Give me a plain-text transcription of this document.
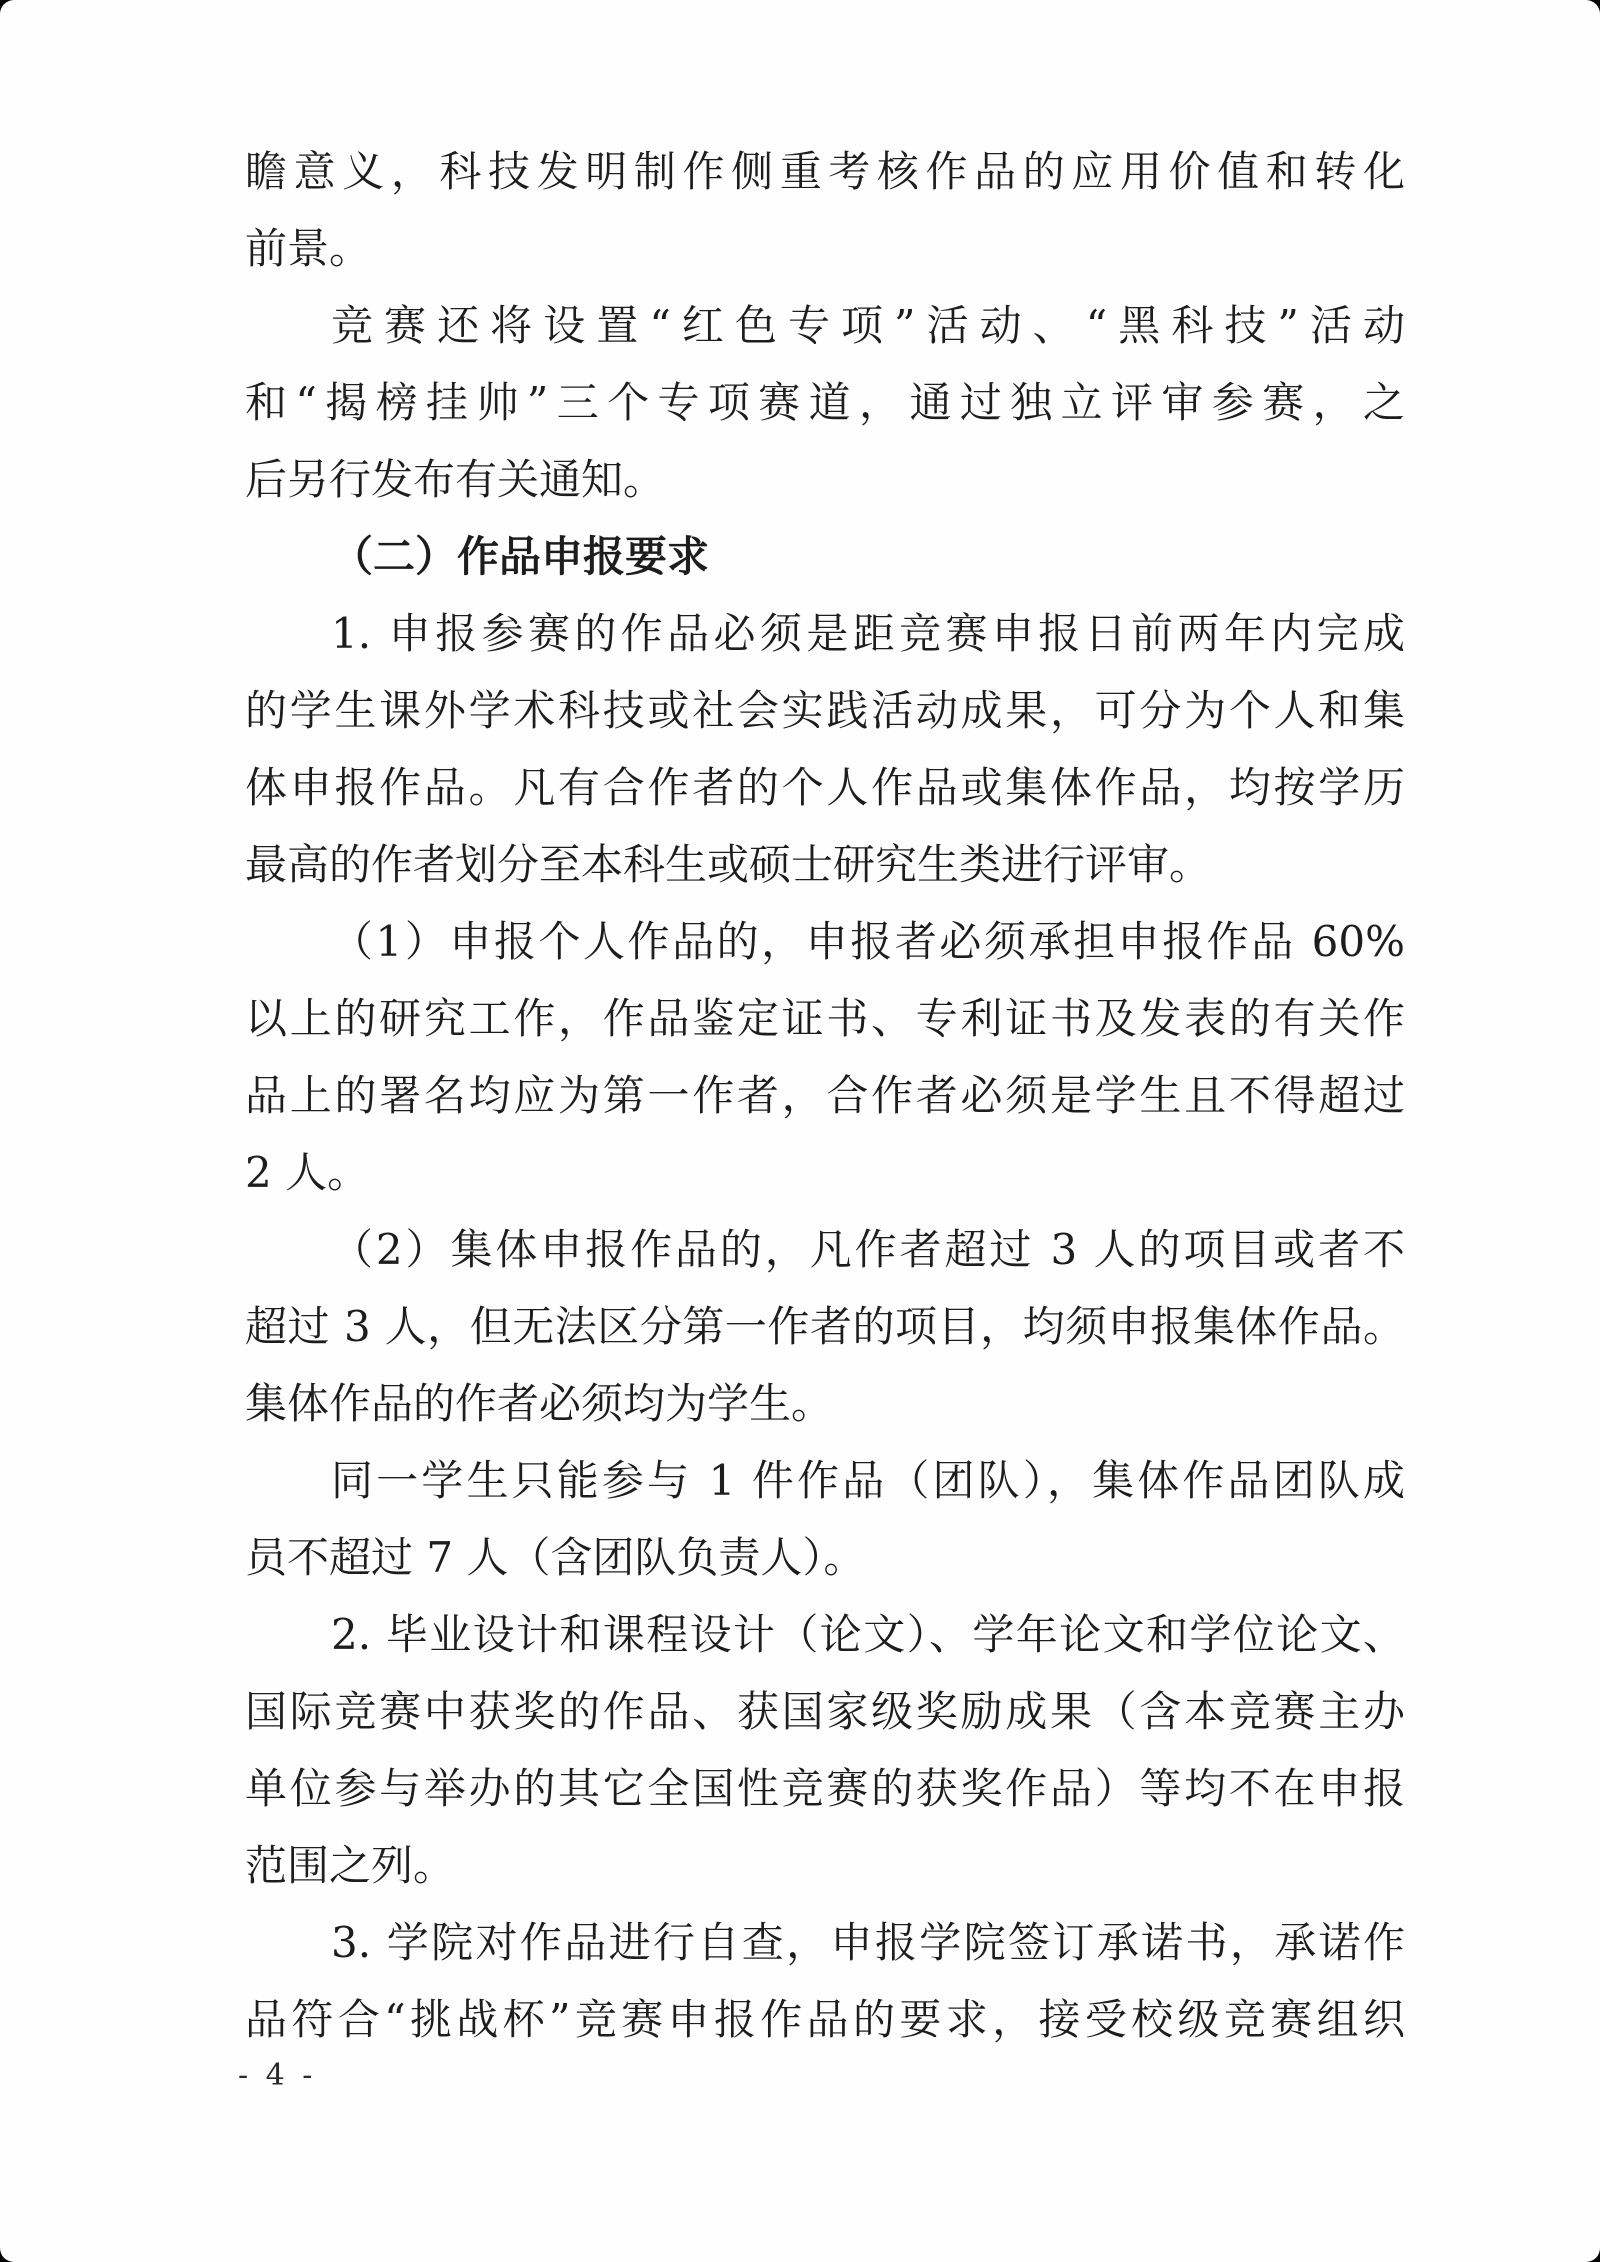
瞻意义，科技发明制作侧重考核作品的应用价值和转化
前景。
竞赛还将设置“红色专项”活动、“黑科技”活动
和“揭榜挂帅”三个专项赛道，通过独立评审参赛，之
后另行发布有关通知。
（二）作品申报要求
1. 申报参赛的作品必须是距竞赛申报日前两年内完成
的学生课外学术科技或社会实践活动成果，可分为个人和集
体申报作品。凡有合作者的个人作品或集体作品，均按学历
最高的作者划分至本科生或硕士研究生类进行评审。
（1）申报个人作品的，申报者必须承担申报作品 60%
以上的研究工作，作品鉴定证书、专利证书及发表的有关作
品上的署名均应为第一作者，合作者必须是学生且不得超过
2 人。
（2）集体申报作品的，凡作者超过 3 人的项目或者不
超过 3 人，但无法区分第一作者的项目，均须申报集体作品。
集体作品的作者必须均为学生。
同一学生只能参与 1 件作品（团队），集体作品团队成
员不超过 7 人（含团队负责人）。
2. 毕业设计和课程设计（论文）、学年论文和学位论文、
国际竞赛中获奖的作品、获国家级奖励成果（含本竞赛主办
单位参与举办的其它全国性竞赛的获奖作品）等均不在申报
范围之列。
3. 学院对作品进行自查，申报学院签订承诺书，承诺作
品符合“挑战杯”竞赛申报作品的要求，接受校级竞赛组织
- 4 -
